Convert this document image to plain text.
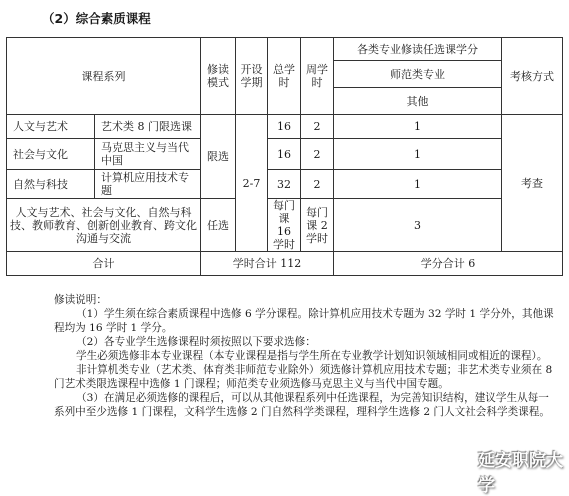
（2）综合素质课程
课程系列		修读模式	开设学期	总学时	周学时	各类专业修读任选课学分	考核方式
						师范类专业	
						其他	
人文与艺术	艺术类 8 门限选课	限选	2-7	16	2	1	考查
社会与文化	马克思主义与当代中国			16	2	1	
自然与科技	计算机应用技术专题			32	2	1	
人文与艺术、社会与文化、自然与科技、教师教育、创新创业教育、跨文化沟通与交流		任选		每门课 16 学时	每门课 2 学时	3	
合计		学时合计 112				学分合计 6	

修读说明：

（1）学生须在综合素质课程中选修 6 学分课程。除计算机应用技术专题为 32 学时 1 学分外，其他课程均为 16 学时 1 学分。

（2）各专业学生选修课程时须按照以下要求选修：

学生必须选修非本专业课程（本专业课程是指与学生所在专业教学计划知识领域相同或相近的课程）。

非计算机类专业（艺术类、体育类非师范专业除外）须选修计算机应用技术专题；非艺术类专业须在 8 门艺术类限选课程中选修 1 门课程；师范类专业须选修马克思主义与当代中国专题。

（3）在满足必须选修的课程后，可以从其他课程系列中任选课程，为完善知识结构，建议学生从每一系列中至少选修 1 门课程，文科学生选修 2 门自然科学类课程，理科学生选修 2 门人文社会科学类课程。

延安职院大学
